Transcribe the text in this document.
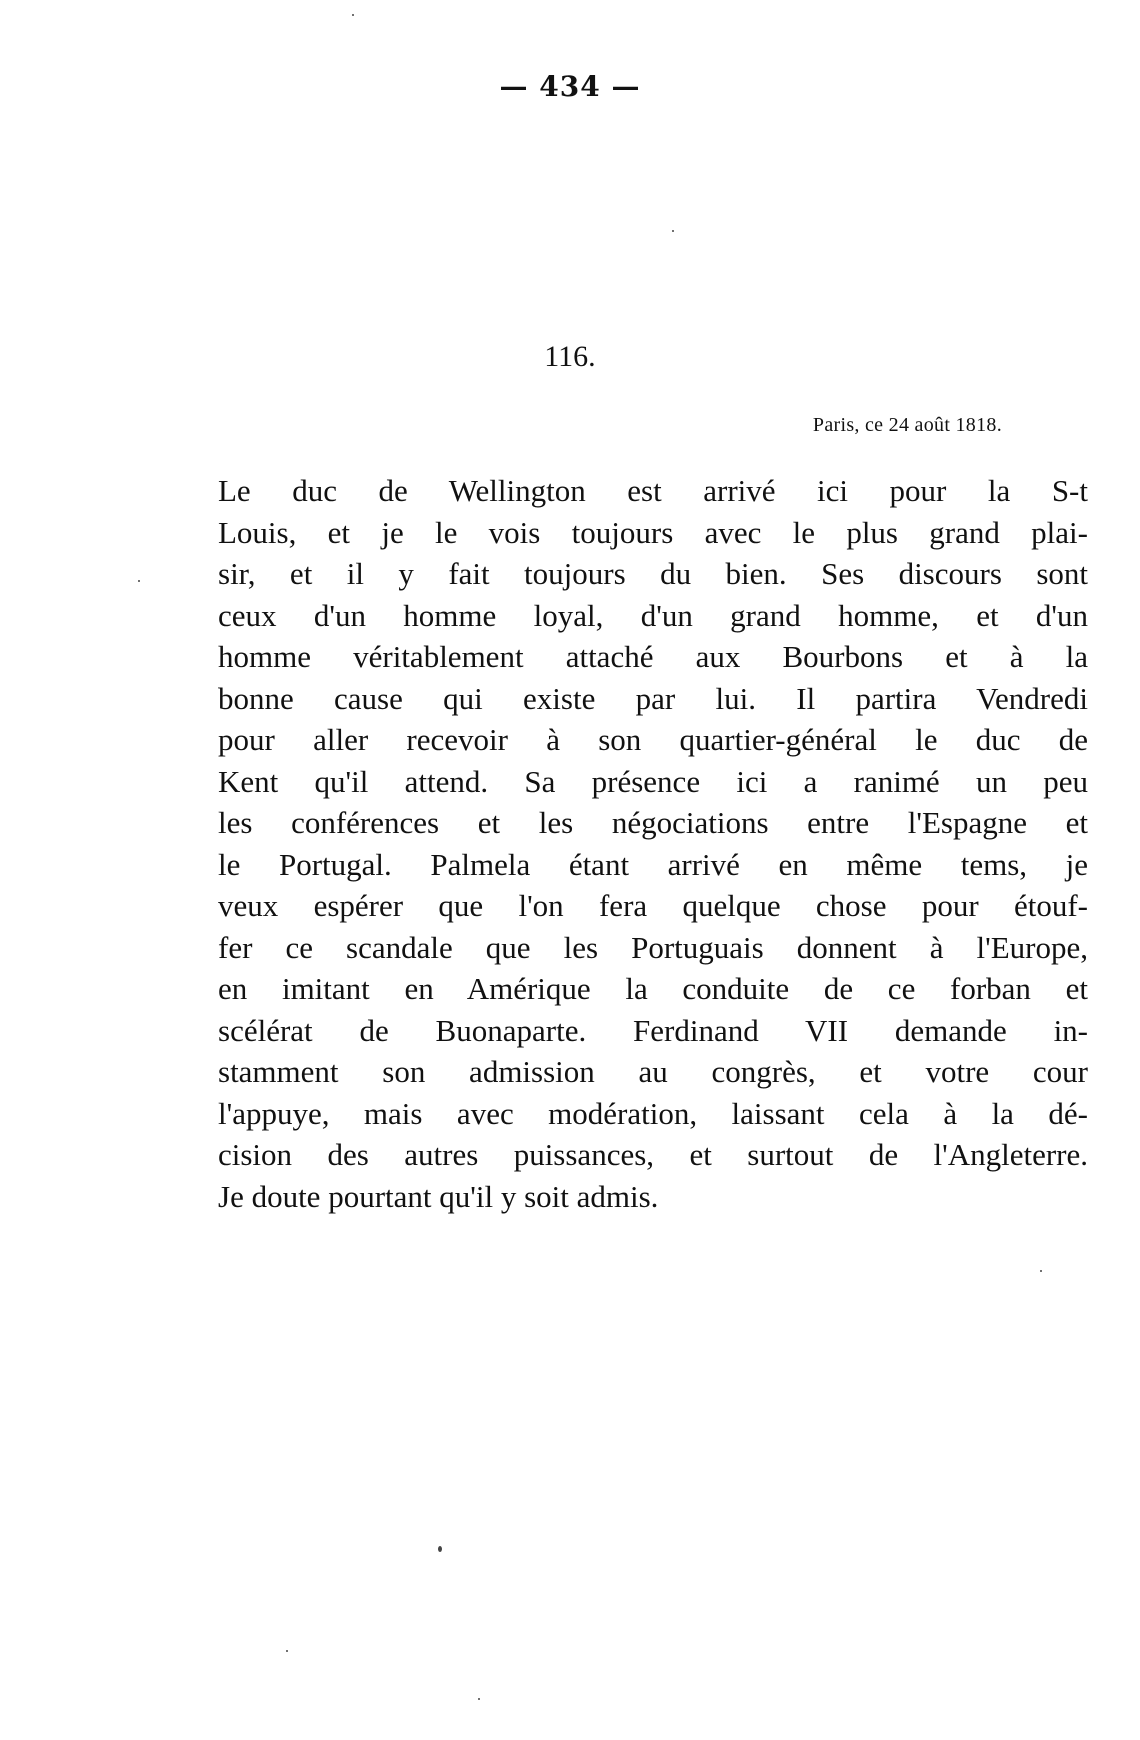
— 434 —
116.
Paris, ce 24 août 1818.
Le duc de Wellington est arrivé ici pour la S-t
Louis, et je le vois toujours avec le plus grand plai-
sir, et il y fait toujours du bien. Ses discours sont
ceux d'un homme loyal, d'un grand homme, et d'un
homme véritablement attaché aux Bourbons et à la
bonne cause qui existe par lui. Il partira Vendredi
pour aller recevoir à son quartier-général le duc de
Kent qu'il attend. Sa présence ici a ranimé un peu
les conférences et les négociations entre l'Espagne et
le Portugal. Palmela étant arrivé en même tems, je
veux espérer que l'on fera quelque chose pour étouf-
fer ce scandale que les Portuguais donnent à l'Europe,
en imitant en Amérique la conduite de ce forban et
scélérat de Buonaparte. Ferdinand VII demande in-
stamment son admission au congrès, et votre cour
l'appuye, mais avec modération, laissant cela à la dé-
cision des autres puissances, et surtout de l'Angleterre.
Je doute pourtant qu'il y soit admis.
